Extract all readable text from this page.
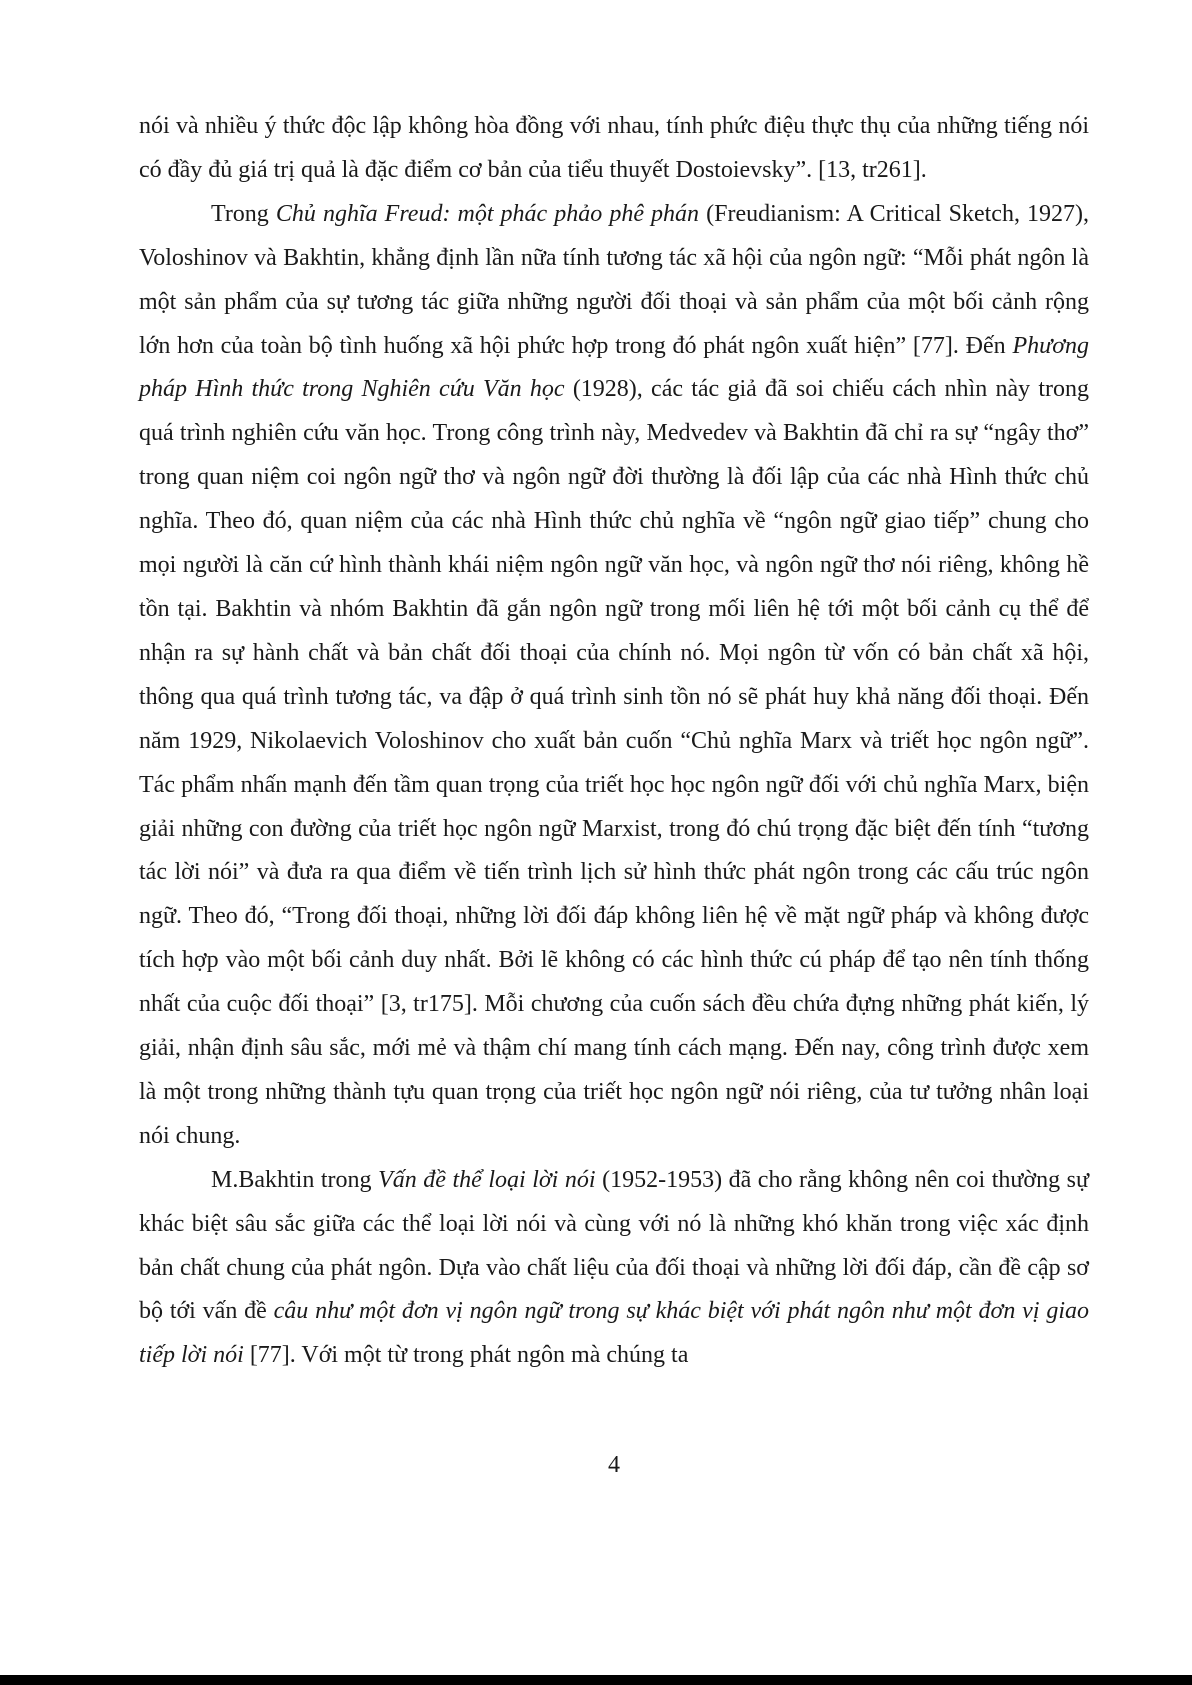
nói và nhiều ý thức độc lập không hòa đồng với nhau, tính phức điệu thực thụ của những tiếng nói có đầy đủ giá trị quả là đặc điểm cơ bản của tiểu thuyết Dostoievsky”. [13, tr261].

Trong Chủ nghĩa Freud: một phác phảo phê phán (Freudianism: A Critical Sketch, 1927), Voloshinov và Bakhtin, khẳng định lần nữa tính tương tác xã hội của ngôn ngữ: “Mỗi phát ngôn là một sản phẩm của sự tương tác giữa những người đối thoại và sản phẩm của một bối cảnh rộng lớn hơn của toàn bộ tình huống xã hội phức hợp trong đó phát ngôn xuất hiện” [77]. Đến Phương pháp Hình thức trong Nghiên cứu Văn học (1928), các tác giả đã soi chiếu cách nhìn này trong quá trình nghiên cứu văn học. Trong công trình này, Medvedev và Bakhtin đã chỉ ra sự “ngây thơ” trong quan niệm coi ngôn ngữ thơ và ngôn ngữ đời thường là đối lập của các nhà Hình thức chủ nghĩa. Theo đó, quan niệm của các nhà Hình thức chủ nghĩa về “ngôn ngữ giao tiếp” chung cho mọi người là căn cứ hình thành khái niệm ngôn ngữ văn học, và ngôn ngữ thơ nói riêng, không hề tồn tại. Bakhtin và nhóm Bakhtin đã gắn ngôn ngữ trong mối liên hệ tới một bối cảnh cụ thể để nhận ra sự hành chất và bản chất đối thoại của chính nó. Mọi ngôn từ vốn có bản chất xã hội, thông qua quá trình tương tác, va đập ở quá trình sinh tồn nó sẽ phát huy khả năng đối thoại. Đến năm 1929, Nikolaevich Voloshinov cho xuất bản cuốn “Chủ nghĩa Marx và triết học ngôn ngữ”. Tác phẩm nhấn mạnh đến tầm quan trọng của triết học học ngôn ngữ đối với chủ nghĩa Marx, biện giải những con đường của triết học ngôn ngữ Marxist, trong đó chú trọng đặc biệt đến tính “tương tác lời nói” và đưa ra qua điểm về tiến trình lịch sử hình thức phát ngôn trong các cấu trúc ngôn ngữ. Theo đó, “Trong đối thoại, những lời đối đáp không liên hệ về mặt ngữ pháp và không được tích hợp vào một bối cảnh duy nhất. Bởi lẽ không có các hình thức cú pháp để tạo nên tính thống nhất của cuộc đối thoại” [3, tr175]. Mỗi chương của cuốn sách đều chứa đựng những phát kiến, lý giải, nhận định sâu sắc, mới mẻ và thậm chí mang tính cách mạng. Đến nay, công trình được xem là một trong những thành tựu quan trọng của triết học ngôn ngữ nói riêng, của tư tưởng nhân loại nói chung.

M.Bakhtin trong Vấn đề thể loại lời nói (1952-1953) đã cho rằng không nên coi thường sự khác biệt sâu sắc giữa các thể loại lời nói và cùng với nó là những khó khăn trong việc xác định bản chất chung của phát ngôn. Dựa vào chất liệu của đối thoại và những lời đối đáp, cần đề cập sơ bộ tới vấn đề câu như một đơn vị ngôn ngữ trong sự khác biệt với phát ngôn như một đơn vị giao tiếp lời nói [77]. Với một từ trong phát ngôn mà chúng ta

4
